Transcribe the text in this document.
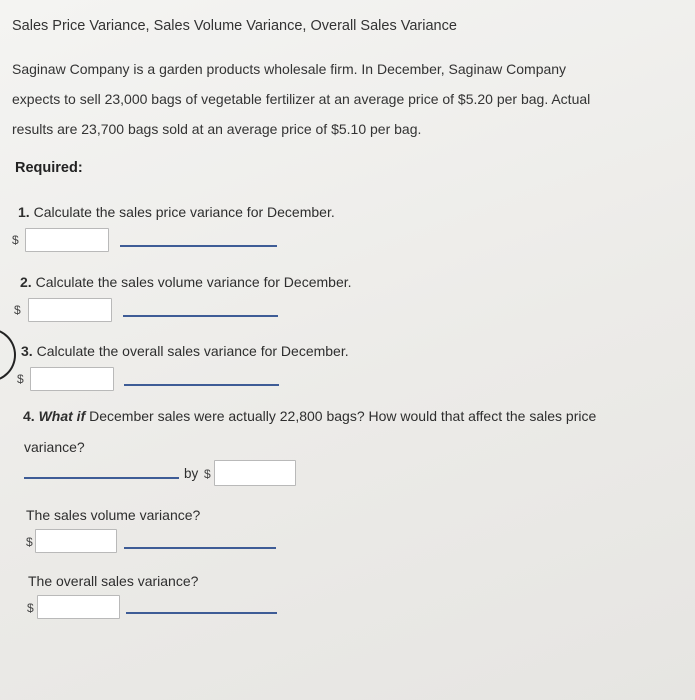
Sales Price Variance, Sales Volume Variance, Overall Sales Variance
Saginaw Company is a garden products wholesale firm. In December, Saginaw Company
expects to sell 23,000 bags of vegetable fertilizer at an average price of $5.20 per bag. Actual
results are 23,700 bags sold at an average price of $5.10 per bag.
Required:
1. Calculate the sales price variance for December.
$
2. Calculate the sales volume variance for December.
$
3. Calculate the overall sales variance for December.
$
4. What if December sales were actually 22,800 bags? How would that affect the sales price
variance?
by $
The sales volume variance?
$
The overall sales variance?
$
